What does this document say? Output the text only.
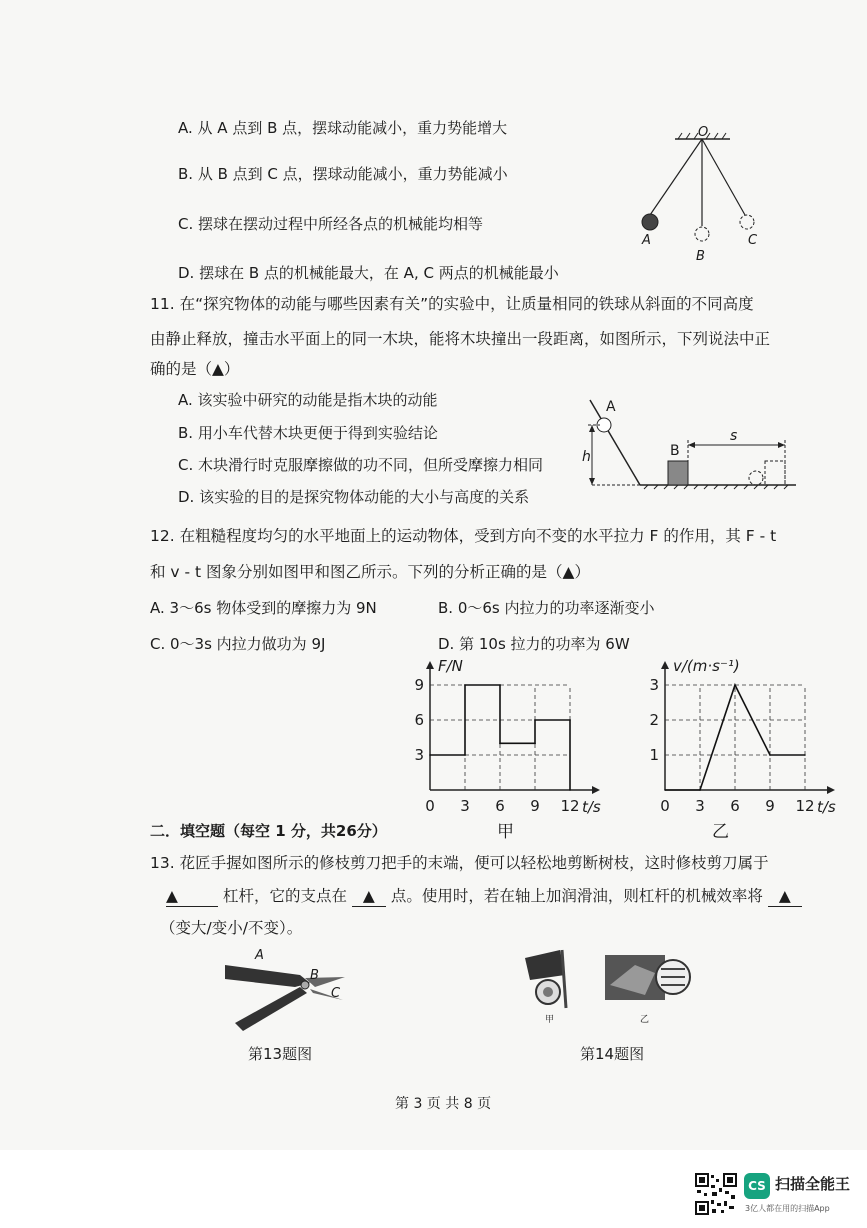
A. 从 A 点到 B 点，摆球动能减小，重力势能增大
B. 从 B 点到 C 点，摆球动能减小，重力势能减小
C. 摆球在摆动过程中所经各点的机械能均相等
D. 摆球在 B 点的机械能最大，在 A, C 两点的机械能最小
O
A
B
C
11. 在“探究物体的动能与哪些因素有关”的实验中，让质量相同的铁球从斜面的不同高度
由静止释放，撞击水平面上的同一木块，能将木块撞出一段距离，如图所示，下列说法中正
确的是（▲）
A. 该实验中研究的动能是指木块的动能
B. 用小车代替木块更便于得到实验结论
C. 木块滑行时克服摩擦做的功不同，但所受摩擦力相同
D. 该实验的目的是探究物体动能的大小与高度的关系
A
h	B
s
12. 在粗糙程度均匀的水平地面上的运动物体，受到方向不变的水平拉力 F 的作用，其 F - t
和 v - t 图象分别如图甲和图乙所示。下列的分析正确的是（▲）
A. 3～6s 物体受到的摩擦力为 9N	B. 0～6s 内拉力的功率逐渐变小
C. 0～3s 内拉力做功为 9J	D. 第 10s 拉力的功率为 6W
F/N
t/s
0 3 6 9 12
3
6
9
甲
v/(m·s⁻¹)
t/s
0 3 6 9 12
1
2
3
乙
二．填空题（每空 1 分，共26分）
13. 花匠手握如图所示的修枝剪刀把手的末端，便可以轻松地剪断树枝，这时修枝剪刀属于
▲	杠杆，它的支点在 ▲ 点。使用时，若在轴上加润滑油，则杠杆的机械效率将 ▲
（变大/变小/不变）。
A
B
C
第13题图
甲	乙
第14题图
第 3 页 共 8 页
CS 扫描全能王
3亿人都在用的扫描App
